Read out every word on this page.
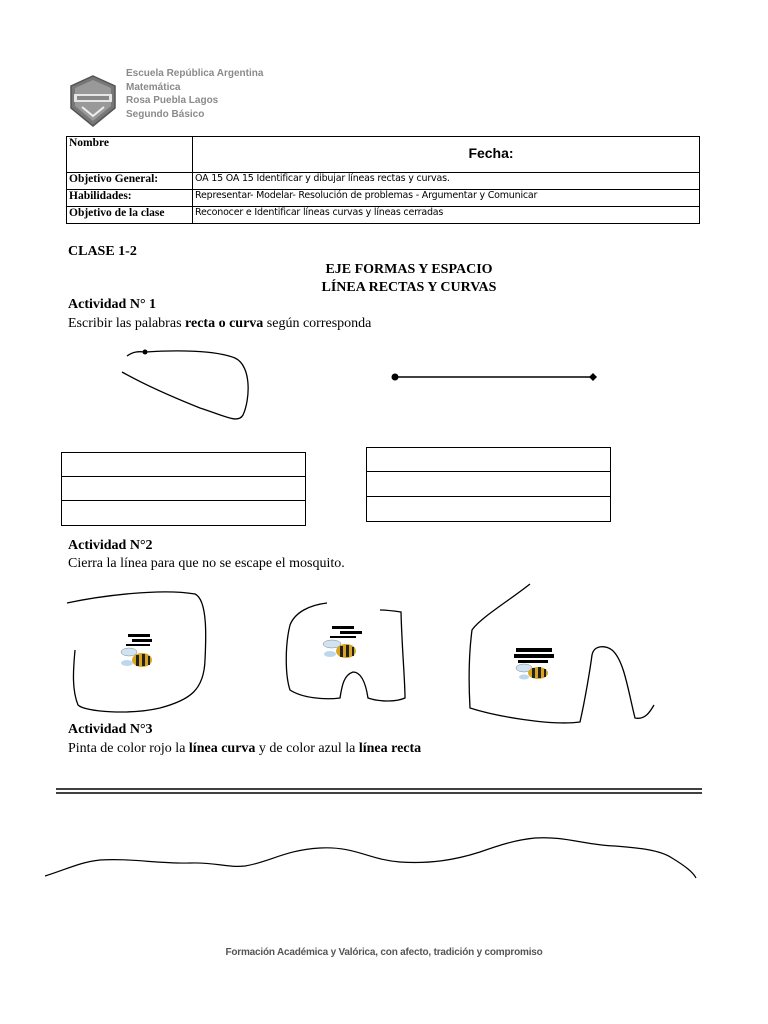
Escuela República Argentina
Matemática
Rosa Puebla Lagos
Segundo Básico
Nombre	Fecha:

Objetivo General:	OA 15 OA 15 Identificar y dibujar líneas rectas y curvas.
Habilidades:	Representar- Modelar- Resolución de problemas - Argumentar y Comunicar
Objetivo de la clase	Reconocer e Identificar líneas curvas y líneas cerradas
CLASE 1-2
EJE FORMAS Y ESPACIO
LÍNEA RECTAS Y CURVAS
Actividad N° 1
Escribir las palabras recta o curva según corresponda
Actividad N°2
Cierra la línea para que no se escape el mosquito.
Actividad N°3
Pinta de color rojo la línea curva y de color azul la línea recta
Formación Académica y Valórica, con afecto, tradición y compromiso
